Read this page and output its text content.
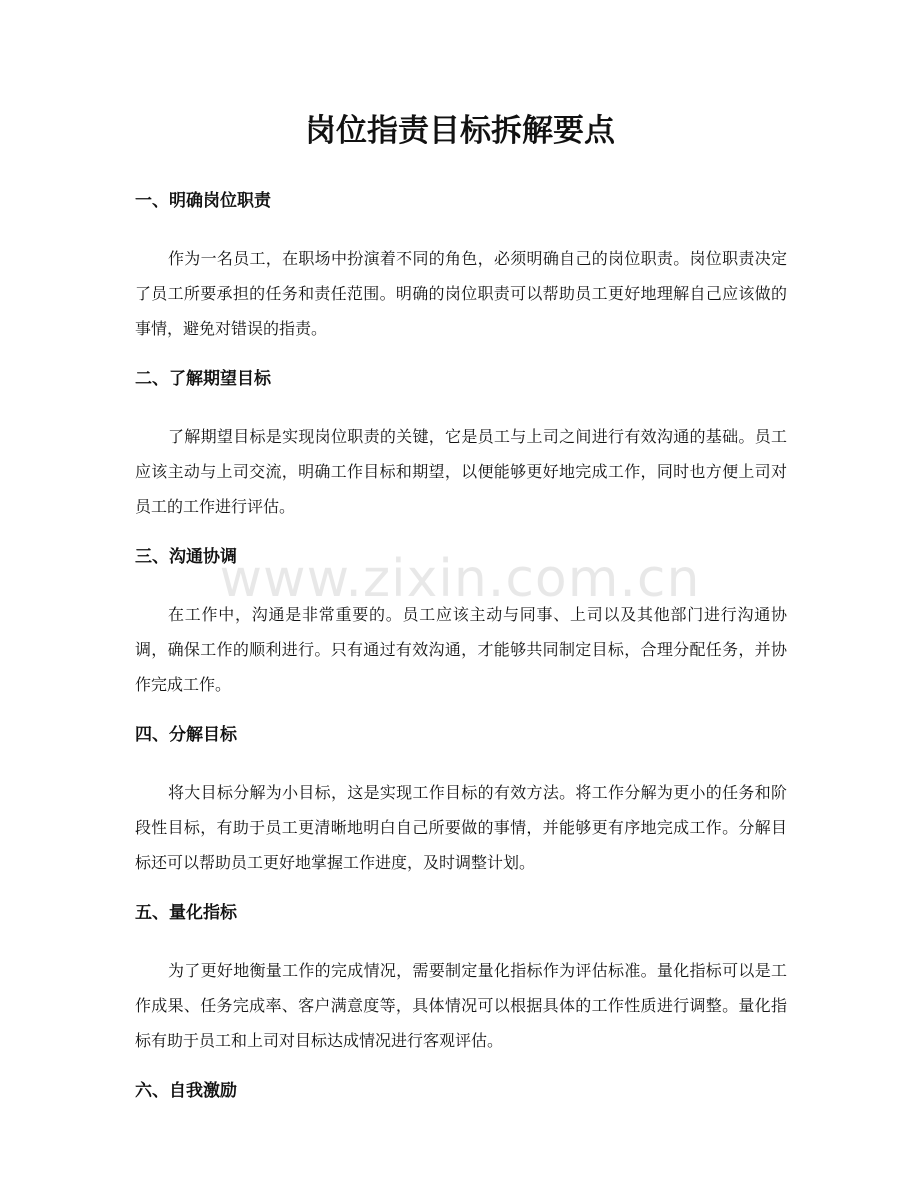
www.zixin.com.cn
岗位指责目标拆解要点
一、明确岗位职责

作为一名员工，在职场中扮演着不同的角色，必须明确自己的岗位职责。岗位职责决定了员工所要承担的任务和责任范围。明确的岗位职责可以帮助员工更好地理解自己应该做的事情，避免对错误的指责。

二、了解期望目标

了解期望目标是实现岗位职责的关键，它是员工与上司之间进行有效沟通的基础。员工应该主动与上司交流，明确工作目标和期望，以便能够更好地完成工作，同时也方便上司对员工的工作进行评估。

三、沟通协调

在工作中，沟通是非常重要的。员工应该主动与同事、上司以及其他部门进行沟通协调，确保工作的顺利进行。只有通过有效沟通，才能够共同制定目标，合理分配任务，并协作完成工作。

四、分解目标

将大目标分解为小目标，这是实现工作目标的有效方法。将工作分解为更小的任务和阶段性目标，有助于员工更清晰地明白自己所要做的事情，并能够更有序地完成工作。分解目标还可以帮助员工更好地掌握工作进度，及时调整计划。

五、量化指标

为了更好地衡量工作的完成情况，需要制定量化指标作为评估标准。量化指标可以是工作成果、任务完成率、客户满意度等，具体情况可以根据具体的工作性质进行调整。量化指标有助于员工和上司对目标达成情况进行客观评估。

六、自我激励
